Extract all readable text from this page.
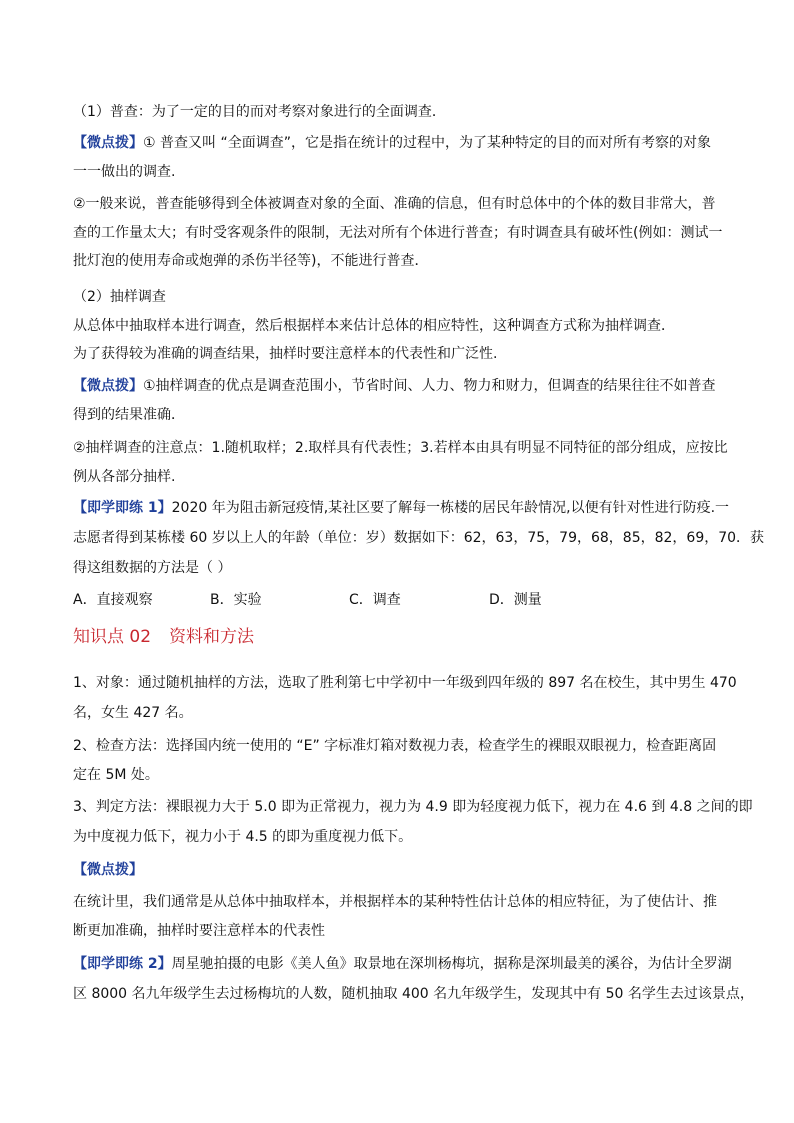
（1）普查：为了一定的目的而对考察对象进行的全面调查．
【微点拨】① 普查又叫 “全面调查”，它是指在统计的过程中，为了某种特定的目的而对所有考察的对象
一一做出的调查.
②一般来说，普查能够得到全体被调查对象的全面、准确的信息，但有时总体中的个体的数目非常大，普
查的工作量太大；有时受客观条件的限制，无法对所有个体进行普查；有时调查具有破坏性(例如：测试一
批灯泡的使用寿命或炮弹的杀伤半径等)，不能进行普查．
（2）抽样调查
从总体中抽取样本进行调查，然后根据样本来估计总体的相应特性，这种调查方式称为抽样调查．
为了获得较为准确的调查结果，抽样时要注意样本的代表性和广泛性.
【微点拨】①抽样调查的优点是调查范围小，节省时间、人力、物力和财力，但调查的结果往往不如普查
得到的结果准确．
②抽样调查的注意点：1.随机取样；2.取样具有代表性；3.若样本由具有明显不同特征的部分组成，应按比
例从各部分抽样.
【即学即练 1】2020 年为阻击新冠疫情,某社区要了解每一栋楼的居民年龄情况,以便有针对性进行防疫.一
志愿者得到某栋楼 60 岁以上人的年龄（单位：岁）数据如下：62，63，75，79，68，85，82，69，70．获
得这组数据的方法是（ ）
A．直接观察	B．实验	C．调查	D．测量
知识点 02 资料和方法
1、对象：通过随机抽样的方法，选取了胜利第七中学初中一年级到四年级的 897 名在校生，其中男生 470
名，女生 427 名。
2、检查方法：选择国内统一使用的 “E” 字标准灯箱对数视力表，检查学生的裸眼双眼视力，检查距离固
定在 5M 处。
3、判定方法：裸眼视力大于 5.0 即为正常视力，视力为 4.9 即为轻度视力低下，视力在 4.6 到 4.8 之间的即
为中度视力低下，视力小于 4.5 的即为重度视力低下。
【微点拨】
在统计里，我们通常是从总体中抽取样本，并根据样本的某种特性估计总体的相应特征，为了使估计、推
断更加准确，抽样时要注意样本的代表性
【即学即练 2】周星驰拍摄的电影《美人鱼》取景地在深圳杨梅坑，据称是深圳最美的溪谷，为估计全罗湖
区 8000 名九年级学生去过杨梅坑的人数，随机抽取 400 名九年级学生，发现其中有 50 名学生去过该景点，
